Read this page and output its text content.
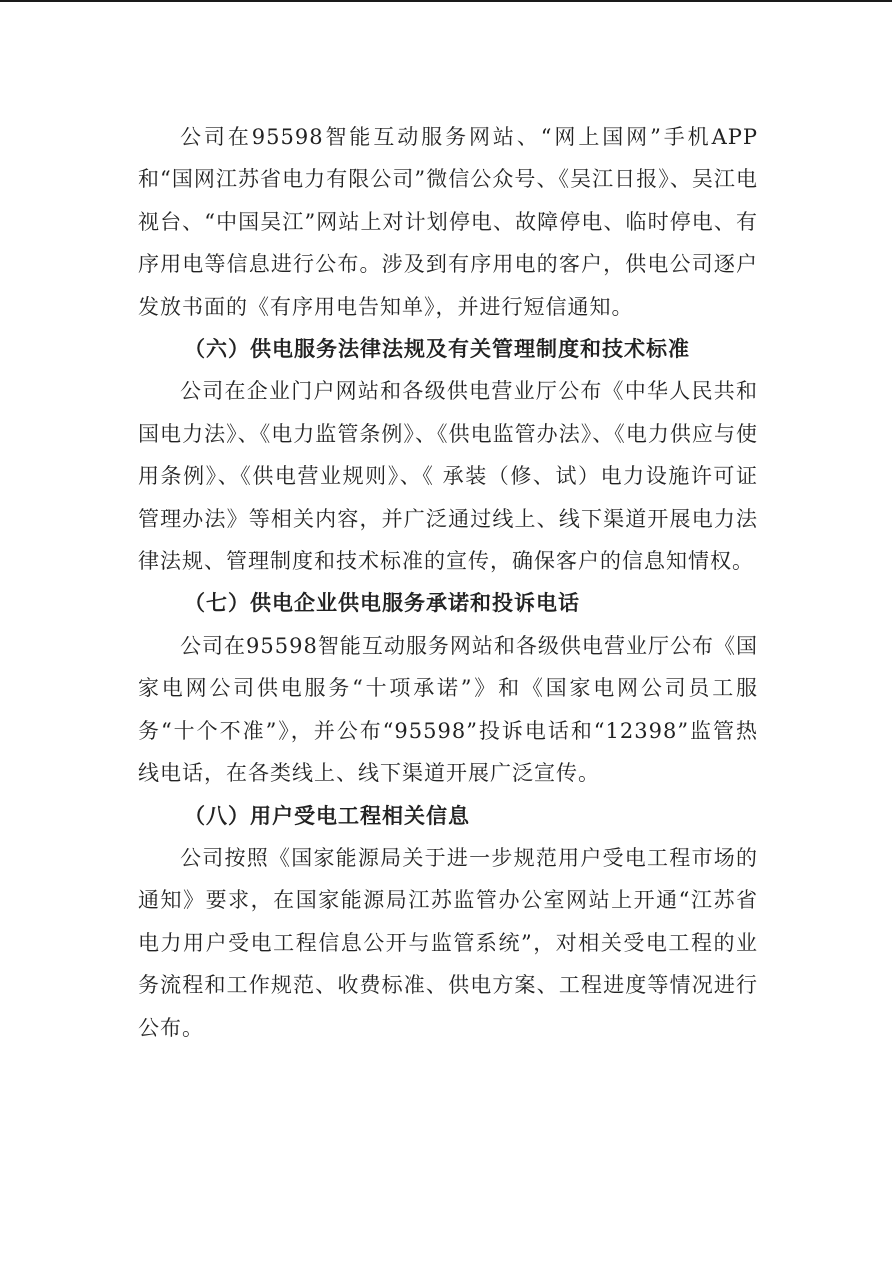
公司在95598智能互动服务网站、“网上国网”手机APP和“国网江苏省电力有限公司”微信公众号、《吴江日报》、吴江电视台、“中国吴江”网站上对计划停电、故障停电、临时停电、有序用电等信息进行公布。涉及到有序用电的客户，供电公司逐户发放书面的《有序用电告知单》，并进行短信通知。

（六）供电服务法律法规及有关管理制度和技术标准

公司在企业门户网站和各级供电营业厅公布《中华人民共和国电力法》、《电力监管条例》、《供电监管办法》、《电力供应与使用条例》、《供电营业规则》、《 承装（修、试）电力设施许可证管理办法》等相关内容，并广泛通过线上、线下渠道开展电力法律法规、管理制度和技术标准的宣传，确保客户的信息知情权。

（七）供电企业供电服务承诺和投诉电话

公司在95598智能互动服务网站和各级供电营业厅公布《国家电网公司供电服务“十项承诺”》和《国家电网公司员工服务“十个不准”》，并公布“95598”投诉电话和“12398”监管热线电话，在各类线上、线下渠道开展广泛宣传。

（八）用户受电工程相关信息

公司按照《国家能源局关于进一步规范用户受电工程市场的通知》要求，在国家能源局江苏监管办公室网站上开通“江苏省电力用户受电工程信息公开与监管系统”，对相关受电工程的业务流程和工作规范、收费标准、供电方案、工程进度等情况进行公布。
